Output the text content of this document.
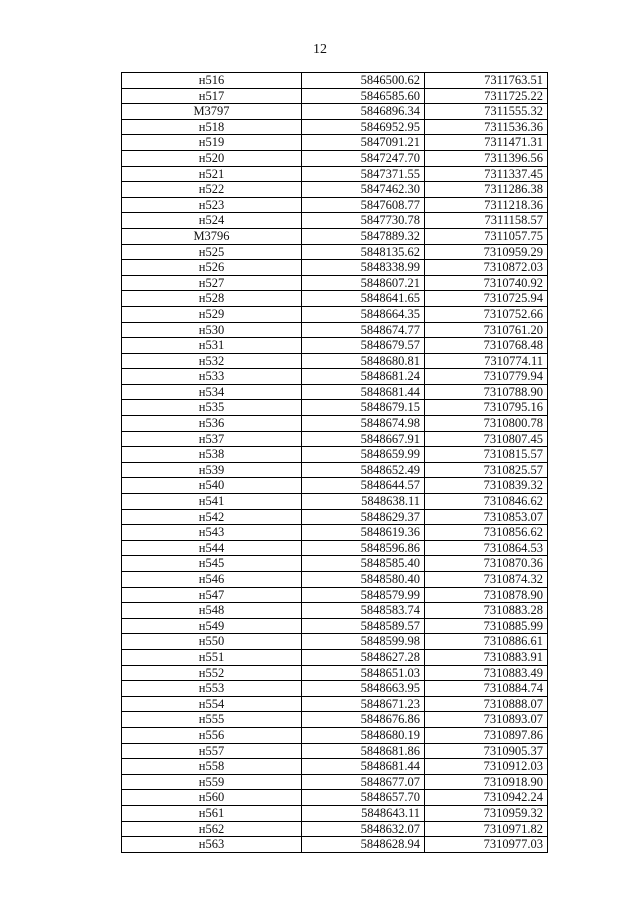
12
н516	5846500.62	7311763.51
н517	5846585.60	7311725.22
М3797	5846896.34	7311555.32
н518	5846952.95	7311536.36
н519	5847091.21	7311471.31
н520	5847247.70	7311396.56
н521	5847371.55	7311337.45
н522	5847462.30	7311286.38
н523	5847608.77	7311218.36
н524	5847730.78	7311158.57
М3796	5847889.32	7311057.75
н525	5848135.62	7310959.29
н526	5848338.99	7310872.03
н527	5848607.21	7310740.92
н528	5848641.65	7310725.94
н529	5848664.35	7310752.66
н530	5848674.77	7310761.20
н531	5848679.57	7310768.48
н532	5848680.81	7310774.11
н533	5848681.24	7310779.94
н534	5848681.44	7310788.90
н535	5848679.15	7310795.16
н536	5848674.98	7310800.78
н537	5848667.91	7310807.45
н538	5848659.99	7310815.57
н539	5848652.49	7310825.57
н540	5848644.57	7310839.32
н541	5848638.11	7310846.62
н542	5848629.37	7310853.07
н543	5848619.36	7310856.62
н544	5848596.86	7310864.53
н545	5848585.40	7310870.36
н546	5848580.40	7310874.32
н547	5848579.99	7310878.90
н548	5848583.74	7310883.28
н549	5848589.57	7310885.99
н550	5848599.98	7310886.61
н551	5848627.28	7310883.91
н552	5848651.03	7310883.49
н553	5848663.95	7310884.74
н554	5848671.23	7310888.07
н555	5848676.86	7310893.07
н556	5848680.19	7310897.86
н557	5848681.86	7310905.37
н558	5848681.44	7310912.03
н559	5848677.07	7310918.90
н560	5848657.70	7310942.24
н561	5848643.11	7310959.32
н562	5848632.07	7310971.82
н563	5848628.94	7310977.03
